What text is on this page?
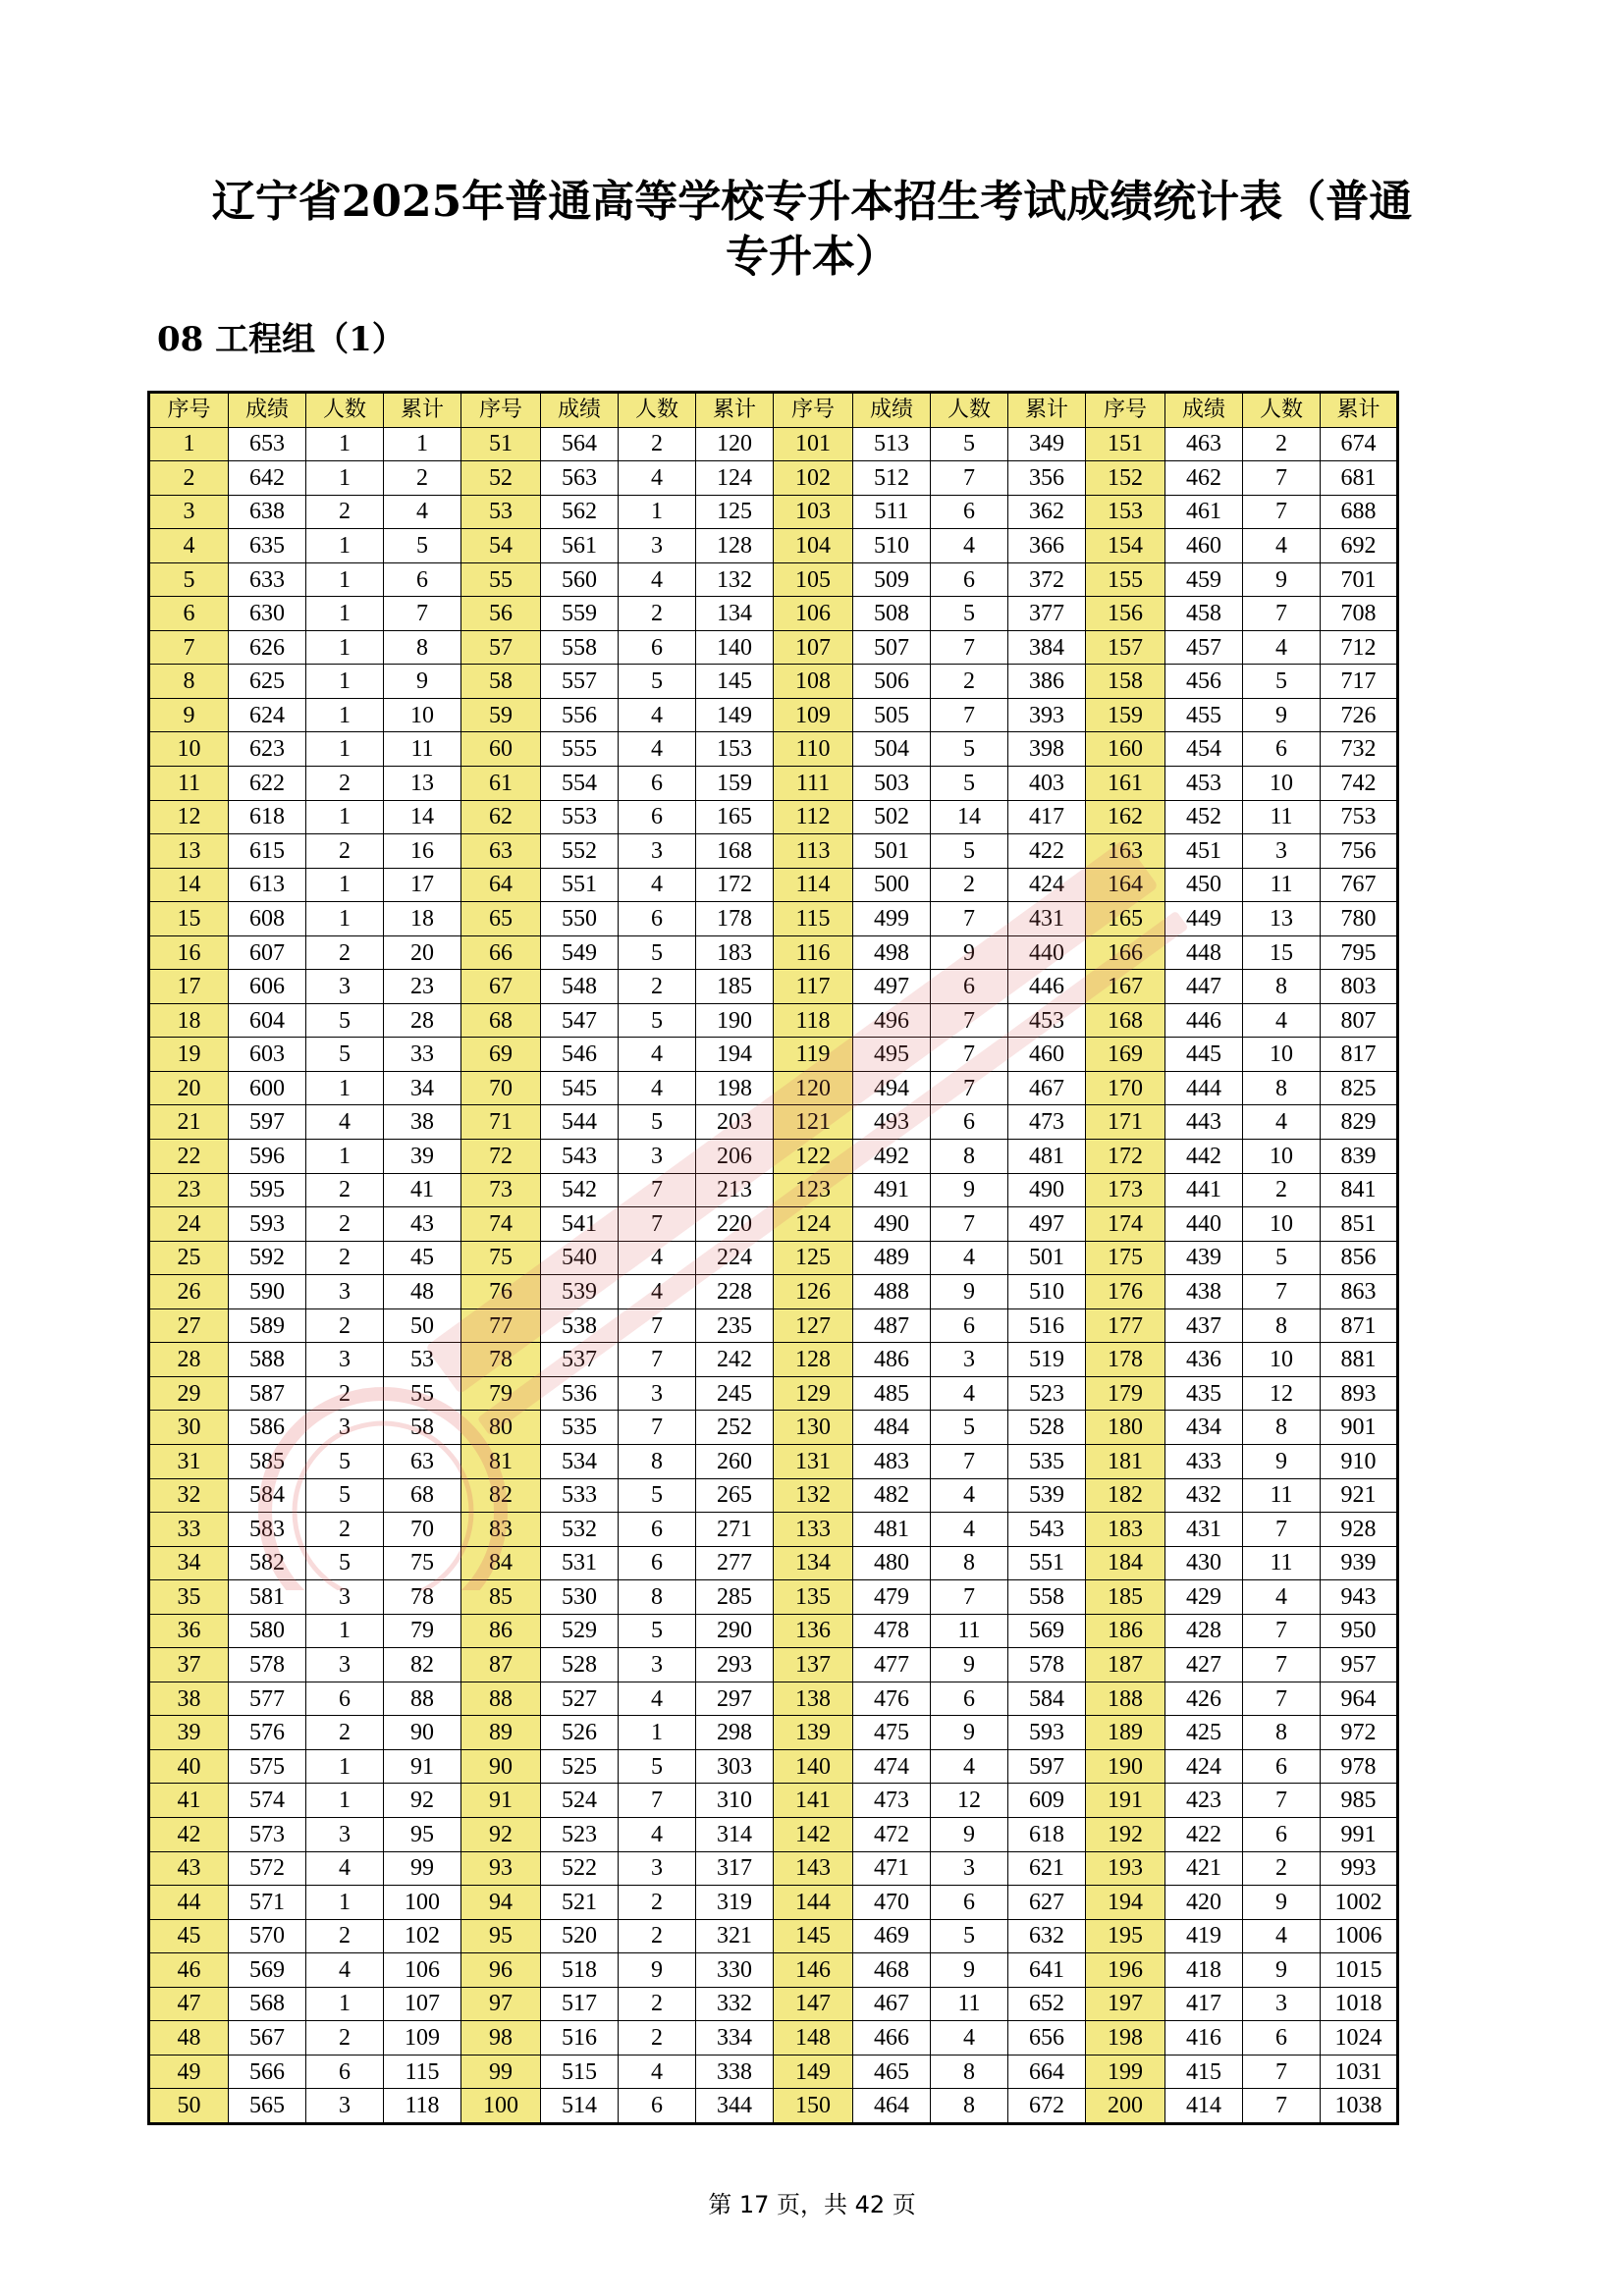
辽宁省2025年普通高等学校专升本招生考试成绩统计表（普通
专升本）
08 工程组（1）
序号	成绩	人数	累计	序号	成绩	人数	累计	序号	成绩	人数	累计	序号	成绩	人数	累计
1	653	1	1	51	564	2	120	101	513	5	349	151	463	2	674
2	642	1	2	52	563	4	124	102	512	7	356	152	462	7	681
3	638	2	4	53	562	1	125	103	511	6	362	153	461	7	688
4	635	1	5	54	561	3	128	104	510	4	366	154	460	4	692
5	633	1	6	55	560	4	132	105	509	6	372	155	459	9	701
6	630	1	7	56	559	2	134	106	508	5	377	156	458	7	708
7	626	1	8	57	558	6	140	107	507	7	384	157	457	4	712
8	625	1	9	58	557	5	145	108	506	2	386	158	456	5	717
9	624	1	10	59	556	4	149	109	505	7	393	159	455	9	726
10	623	1	11	60	555	4	153	110	504	5	398	160	454	6	732
11	622	2	13	61	554	6	159	111	503	5	403	161	453	10	742
12	618	1	14	62	553	6	165	112	502	14	417	162	452	11	753
13	615	2	16	63	552	3	168	113	501	5	422	163	451	3	756
14	613	1	17	64	551	4	172	114	500	2	424	164	450	11	767
15	608	1	18	65	550	6	178	115	499	7	431	165	449	13	780
16	607	2	20	66	549	5	183	116	498	9	440	166	448	15	795
17	606	3	23	67	548	2	185	117	497	6	446	167	447	8	803
18	604	5	28	68	547	5	190	118	496	7	453	168	446	4	807
19	603	5	33	69	546	4	194	119	495	7	460	169	445	10	817
20	600	1	34	70	545	4	198	120	494	7	467	170	444	8	825
21	597	4	38	71	544	5	203	121	493	6	473	171	443	4	829
22	596	1	39	72	543	3	206	122	492	8	481	172	442	10	839
23	595	2	41	73	542	7	213	123	491	9	490	173	441	2	841
24	593	2	43	74	541	7	220	124	490	7	497	174	440	10	851
25	592	2	45	75	540	4	224	125	489	4	501	175	439	5	856
26	590	3	48	76	539	4	228	126	488	9	510	176	438	7	863
27	589	2	50	77	538	7	235	127	487	6	516	177	437	8	871
28	588	3	53	78	537	7	242	128	486	3	519	178	436	10	881
29	587	2	55	79	536	3	245	129	485	4	523	179	435	12	893
30	586	3	58	80	535	7	252	130	484	5	528	180	434	8	901
31	585	5	63	81	534	8	260	131	483	7	535	181	433	9	910
32	584	5	68	82	533	5	265	132	482	4	539	182	432	11	921
33	583	2	70	83	532	6	271	133	481	4	543	183	431	7	928
34	582	5	75	84	531	6	277	134	480	8	551	184	430	11	939
35	581	3	78	85	530	8	285	135	479	7	558	185	429	4	943
36	580	1	79	86	529	5	290	136	478	11	569	186	428	7	950
37	578	3	82	87	528	3	293	137	477	9	578	187	427	7	957
38	577	6	88	88	527	4	297	138	476	6	584	188	426	7	964
39	576	2	90	89	526	1	298	139	475	9	593	189	425	8	972
40	575	1	91	90	525	5	303	140	474	4	597	190	424	6	978
41	574	1	92	91	524	7	310	141	473	12	609	191	423	7	985
42	573	3	95	92	523	4	314	142	472	9	618	192	422	6	991
43	572	4	99	93	522	3	317	143	471	3	621	193	421	2	993
44	571	1	100	94	521	2	319	144	470	6	627	194	420	9	1002
45	570	2	102	95	520	2	321	145	469	5	632	195	419	4	1006
46	569	4	106	96	518	9	330	146	468	9	641	196	418	9	1015
47	568	1	107	97	517	2	332	147	467	11	652	197	417	3	1018
48	567	2	109	98	516	2	334	148	466	4	656	198	416	6	1024
49	566	6	115	99	515	4	338	149	465	8	664	199	415	7	1031
50	565	3	118	100	514	6	344	150	464	8	672	200	414	7	1038
第 17 页，共 42 页
